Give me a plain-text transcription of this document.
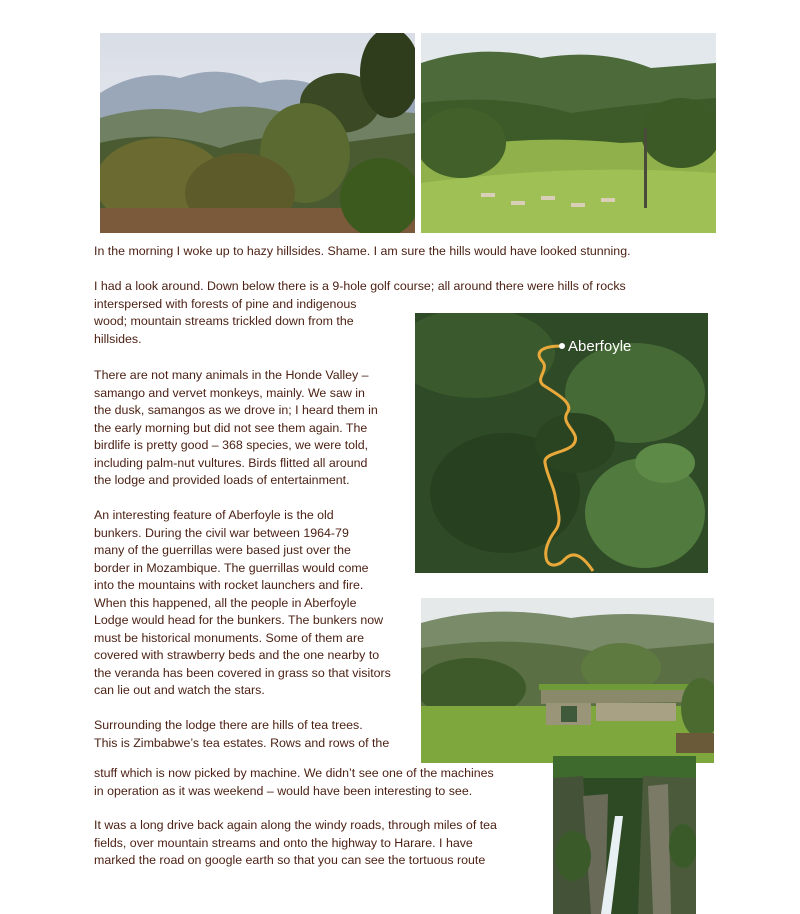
In the morning I woke up to hazy hillsides. Shame. I am sure the hills would have looked stunning.
I had a look around. Down below there is a 9-hole golf course; all around there were hills of rocks
interspersed with forests of pine and indigenous
wood; mountain streams trickled down from the
hillsides.	Aberfoyle
There are not many animals in the Honde Valley –
samango and vervet monkeys, mainly. We saw in
the dusk, samangos as we drove in; I heard them in
the early morning but did not see them again. The
birdlife is pretty good – 368 species, we were told,
including palm-nut vultures. Birds flitted all around
the lodge and provided loads of entertainment.
An interesting feature of Aberfoyle is the old
bunkers. During the civil war between 1964-79
many of the guerrillas were based just over the
border in Mozambique. The guerrillas would come
into the mountains with rocket launchers and fire.
When this happened, all the people in Aberfoyle
Lodge would head for the bunkers. The bunkers now
must be historical monuments. Some of them are
covered with strawberry beds and the one nearby to
the veranda has been covered in grass so that visitors
can lie out and watch the stars.
Surrounding the lodge there are hills of tea trees.
This is Zimbabwe’s tea estates. Rows and rows of the
stuff which is now picked by machine. We didn’t see one of the machines
in operation as it was weekend – would have been interesting to see.
It was a long drive back again along the windy roads, through miles of tea
fields, over mountain streams and onto the highway to Harare. I have
marked the road on google earth so that you can see the tortuous route
